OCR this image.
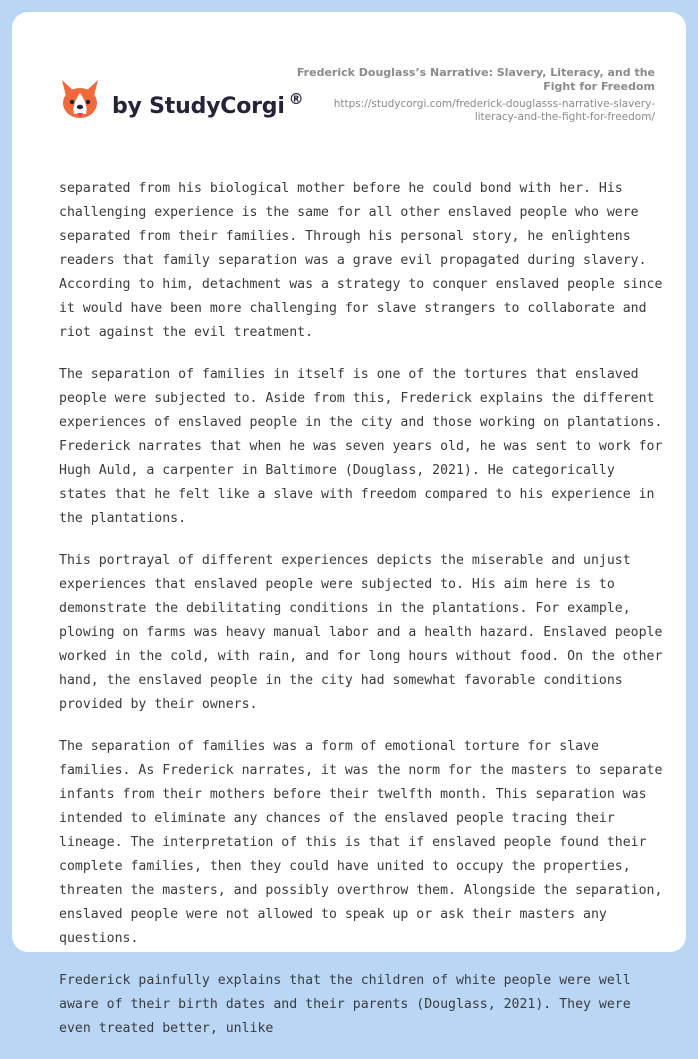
by StudyCorgi ®
Frederick Douglass’s Narrative: Slavery, Literacy, and the Fight for Freedom
https://studycorgi.com/frederick-douglasss-narrative-slavery-literacy-and-the-fight-for-freedom/

separated from his biological mother before he could bond with her. His challenging experience is the same for all other enslaved people who were separated from their families. Through his personal story, he enlightens readers that family separation was a grave evil propagated during slavery. According to him, detachment was a strategy to conquer enslaved people since it would have been more challenging for slave strangers to collaborate and riot against the evil treatment.

The separation of families in itself is one of the tortures that enslaved people were subjected to. Aside from this, Frederick explains the different experiences of enslaved people in the city and those working on plantations. Frederick narrates that when he was seven years old, he was sent to work for Hugh Auld, a carpenter in Baltimore (Douglass, 2021). He categorically states that he felt like a slave with freedom compared to his experience in the plantations.

This portrayal of different experiences depicts the miserable and unjust experiences that enslaved people were subjected to. His aim here is to demonstrate the debilitating conditions in the plantations. For example, plowing on farms was heavy manual labor and a health hazard. Enslaved people worked in the cold, with rain, and for long hours without food. On the other hand, the enslaved people in the city had somewhat favorable conditions provided by their owners.

The separation of families was a form of emotional torture for slave families. As Frederick narrates, it was the norm for the masters to separate infants from their mothers before their twelfth month. This separation was intended to eliminate any chances of the enslaved people tracing their lineage. The interpretation of this is that if enslaved people found their complete families, then they could have united to occupy the properties, threaten the masters, and possibly overthrow them. Alongside the separation, enslaved people were not allowed to speak up or ask their masters any questions.

Frederick painfully explains that the children of white people were well aware of their birth dates and their parents (Douglass, 2021). They were even treated better, unlike
